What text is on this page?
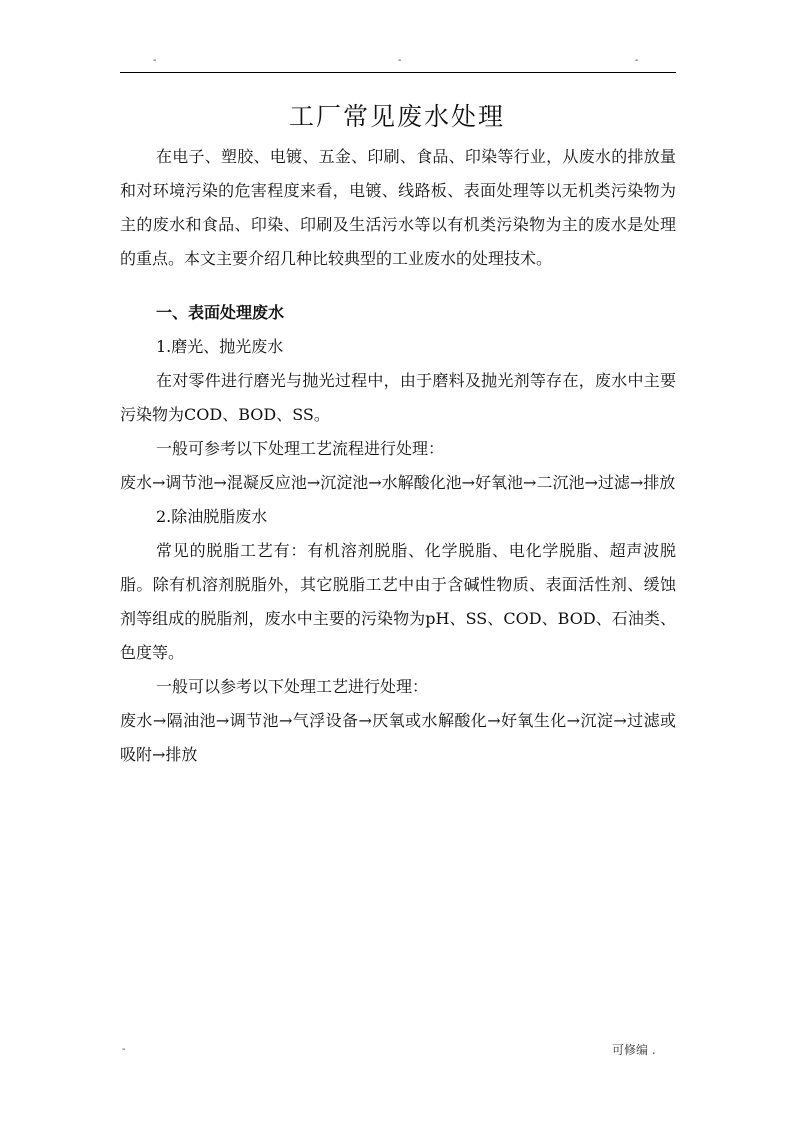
-	-	-
工厂常见废水处理

在电子、塑胶、电镀、五金、印刷、食品、印染等行业，从废水的排放量和对环境污染的危害程度来看，电镀、线路板、表面处理等以无机类污染物为主的废水和食品、印染、印刷及生活污水等以有机类污染物为主的废水是处理的重点。本文主要介绍几种比较典型的工业废水的处理技术。

一、表面处理废水

1.磨光、抛光废水

在对零件进行磨光与抛光过程中，由于磨料及抛光剂等存在，废水中主要污染物为COD、BOD、SS。

一般可参考以下处理工艺流程进行处理：

废水→调节池→混凝反应池→沉淀池→水解酸化池→好氧池→二沉池→过滤→排放

2.除油脱脂废水

常见的脱脂工艺有：有机溶剂脱脂、化学脱脂、电化学脱脂、超声波脱脂。除有机溶剂脱脂外，其它脱脂工艺中由于含碱性物质、表面活性剂、缓蚀剂等组成的脱脂剂，废水中主要的污染物为pH、SS、COD、BOD、石油类、色度等。

一般可以参考以下处理工艺进行处理：

废水→隔油池→调节池→气浮设备→厌氧或水解酸化→好氧生化→沉淀→过滤或吸附→排放

-	可修编 .
